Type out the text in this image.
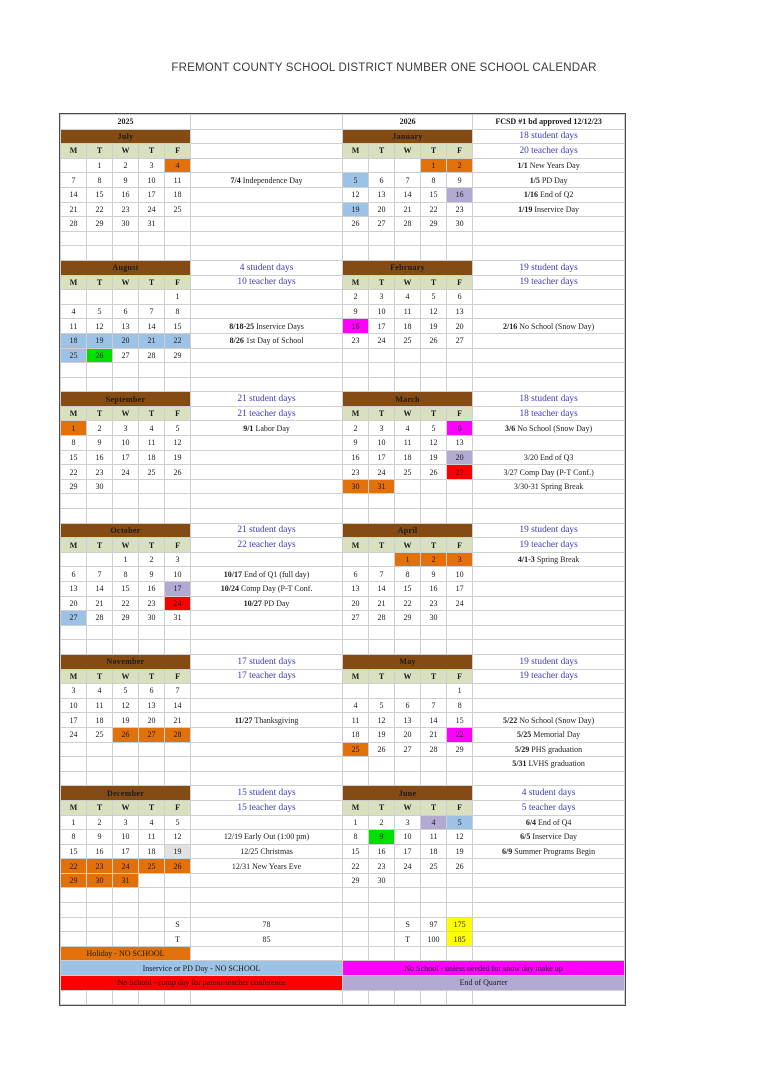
FREMONT COUNTY SCHOOL DISTRICT NUMBER ONE SCHOOL CALENDAR
2025						2026					FCSD #1 bd approved 12/12/23
July						January					18 student days
M	T	W	T	F		M	T	W	T	F	20 teacher days
	1	2	3	4					1	2	1/1 New Years Day
7	8	9	10	11	7/4 Independence Day	5	6	7	8	9	1/5 PD Day
14	15	16	17	18		12	13	14	15	16	1/16 End of Q2
21	22	23	24	25		19	20	21	22	23	1/19 Inservice Day
28	29	30	31			26	27	28	29	30	

August					4 student days	February					19 student days
M	T	W	T	F	10 teacher days	M	T	W	T	F	19 teacher days
				1		2	3	4	5	6	
4	5	6	7	8		9	10	11	12	13	
11	12	13	14	15	8/18-25 Inservice Days	16	17	18	19	20	2/16 No School (Snow Day)
18	19	20	21	22	8/26 1st Day of School	23	24	25	26	27	
25	26	27	28	29							

September					21 student days	March					18 student days
M	T	W	T	F	21 teacher days	M	T	W	T	F	18 teacher days
1	2	3	4	5	9/1 Labor Day	2	3	4	5	6	3/6 No School (Snow Day)
8	9	10	11	12		9	10	11	12	13	
15	16	17	18	19		16	17	18	19	20	3/20 End of Q3
22	23	24	25	26		23	24	25	26	27	3/27 Comp Day (P-T Conf.)
29	30					30	31				3/30-31 Spring Break

October					21 student days	April					19 student days
M	T	W	T	F	22 teacher days	M	T	W	T	F	19 teacher days
		1	2	3				1	2	3	4/1-3 Spring Break
6	7	8	9	10	10/17 End of Q1 (full day)	6	7	8	9	10	
13	14	15	16	17	10/24 Comp Day (P-T Conf.	13	14	15	16	17	
20	21	22	23	24	10/27 PD Day	20	21	22	23	24	
27	28	29	30	31		27	28	29	30		

November					17 student days	May					19 student days
M	T	W	T	F	17 teacher days	M	T	W	T	F	19 teacher days
3	4	5	6	7						1	
10	11	12	13	14		4	5	6	7	8	
17	18	19	20	21	11/27 Thanksgiving	11	12	13	14	15	5/22 No School (Snow Day)
24	25	26	27	28		18	19	20	21	22	5/25 Memorial Day
						25	26	27	28	29	5/29 PHS graduation
											5/31 LVHS graduation

December					15 student days	June					4 student days
M	T	W	T	F	15 teacher days	M	T	W	T	F	5 teacher days
1	2	3	4	5		1	2	3	4	5	6/4 End of Q4
8	9	10	11	12	12/19 Early Out (1:00 pm)	8	9	10	11	12	6/5 Inservice Day
15	16	17	18	19	12/25 Christmas	15	16	17	18	19	6/9 Summer Programs Begin
22	23	24	25	26	12/31 New Years Eve	22	23	24	25	26	
29	30	31				29	30				

				S	78			S	97	175	
				T	85			T	100	185	
Holiday - NO SCHOOL											
Inservice or PD Day - NO SCHOOL						No School - unless needed for snow day make up					
No School - comp day for parent-teacher conference						End of Quarter					
